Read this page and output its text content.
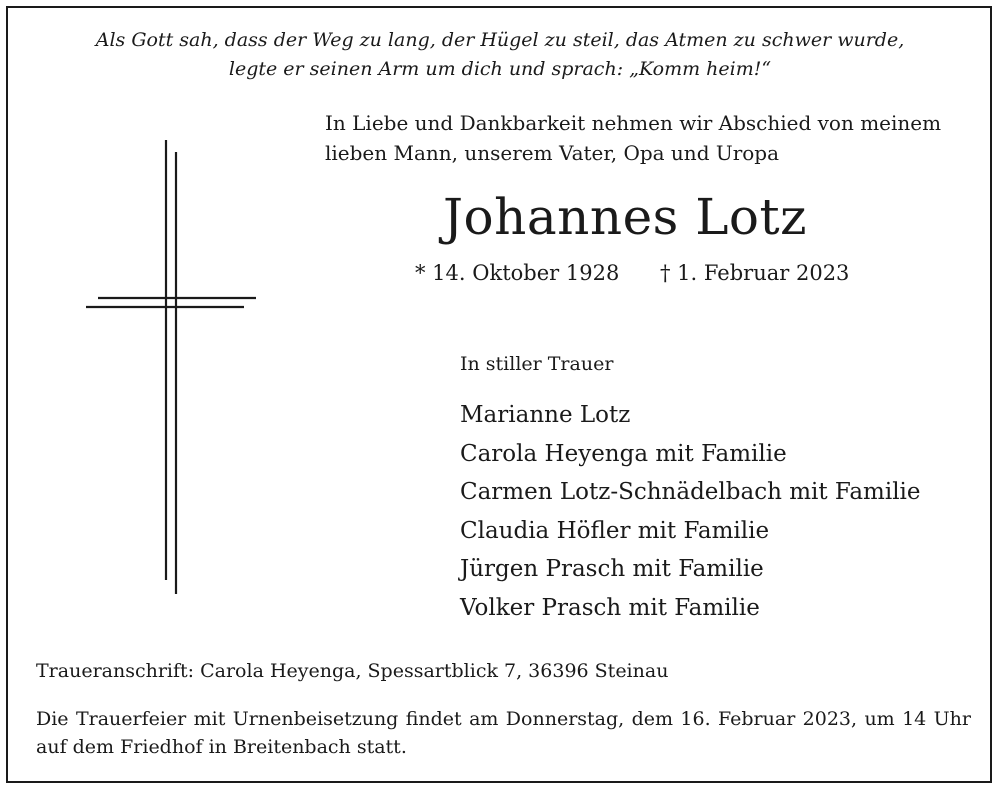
Als Gott sah, dass der Weg zu lang, der Hügel zu steil, das Atmen zu schwer wurde,
legte er seinen Arm um dich und sprach: „Komm heim!“
In Liebe und Dankbarkeit nehmen wir Abschied von meinem
lieben Mann, unserem Vater, Opa und Uropa
Johannes Lotz
* 14. Oktober 1928 † 1. Februar 2023
In stiller Trauer
Marianne Lotz
Carola Heyenga mit Familie
Carmen Lotz-Schnädelbach mit Familie
Claudia Höfler mit Familie
Jürgen Prasch mit Familie
Volker Prasch mit Familie
Traueranschrift: Carola Heyenga, Spessartblick 7, 36396 Steinau
Die Trauerfeier mit Urnenbeisetzung findet am Donnerstag, dem 16. Februar 2023, um 14 Uhr auf dem Friedhof in Breitenbach statt.
